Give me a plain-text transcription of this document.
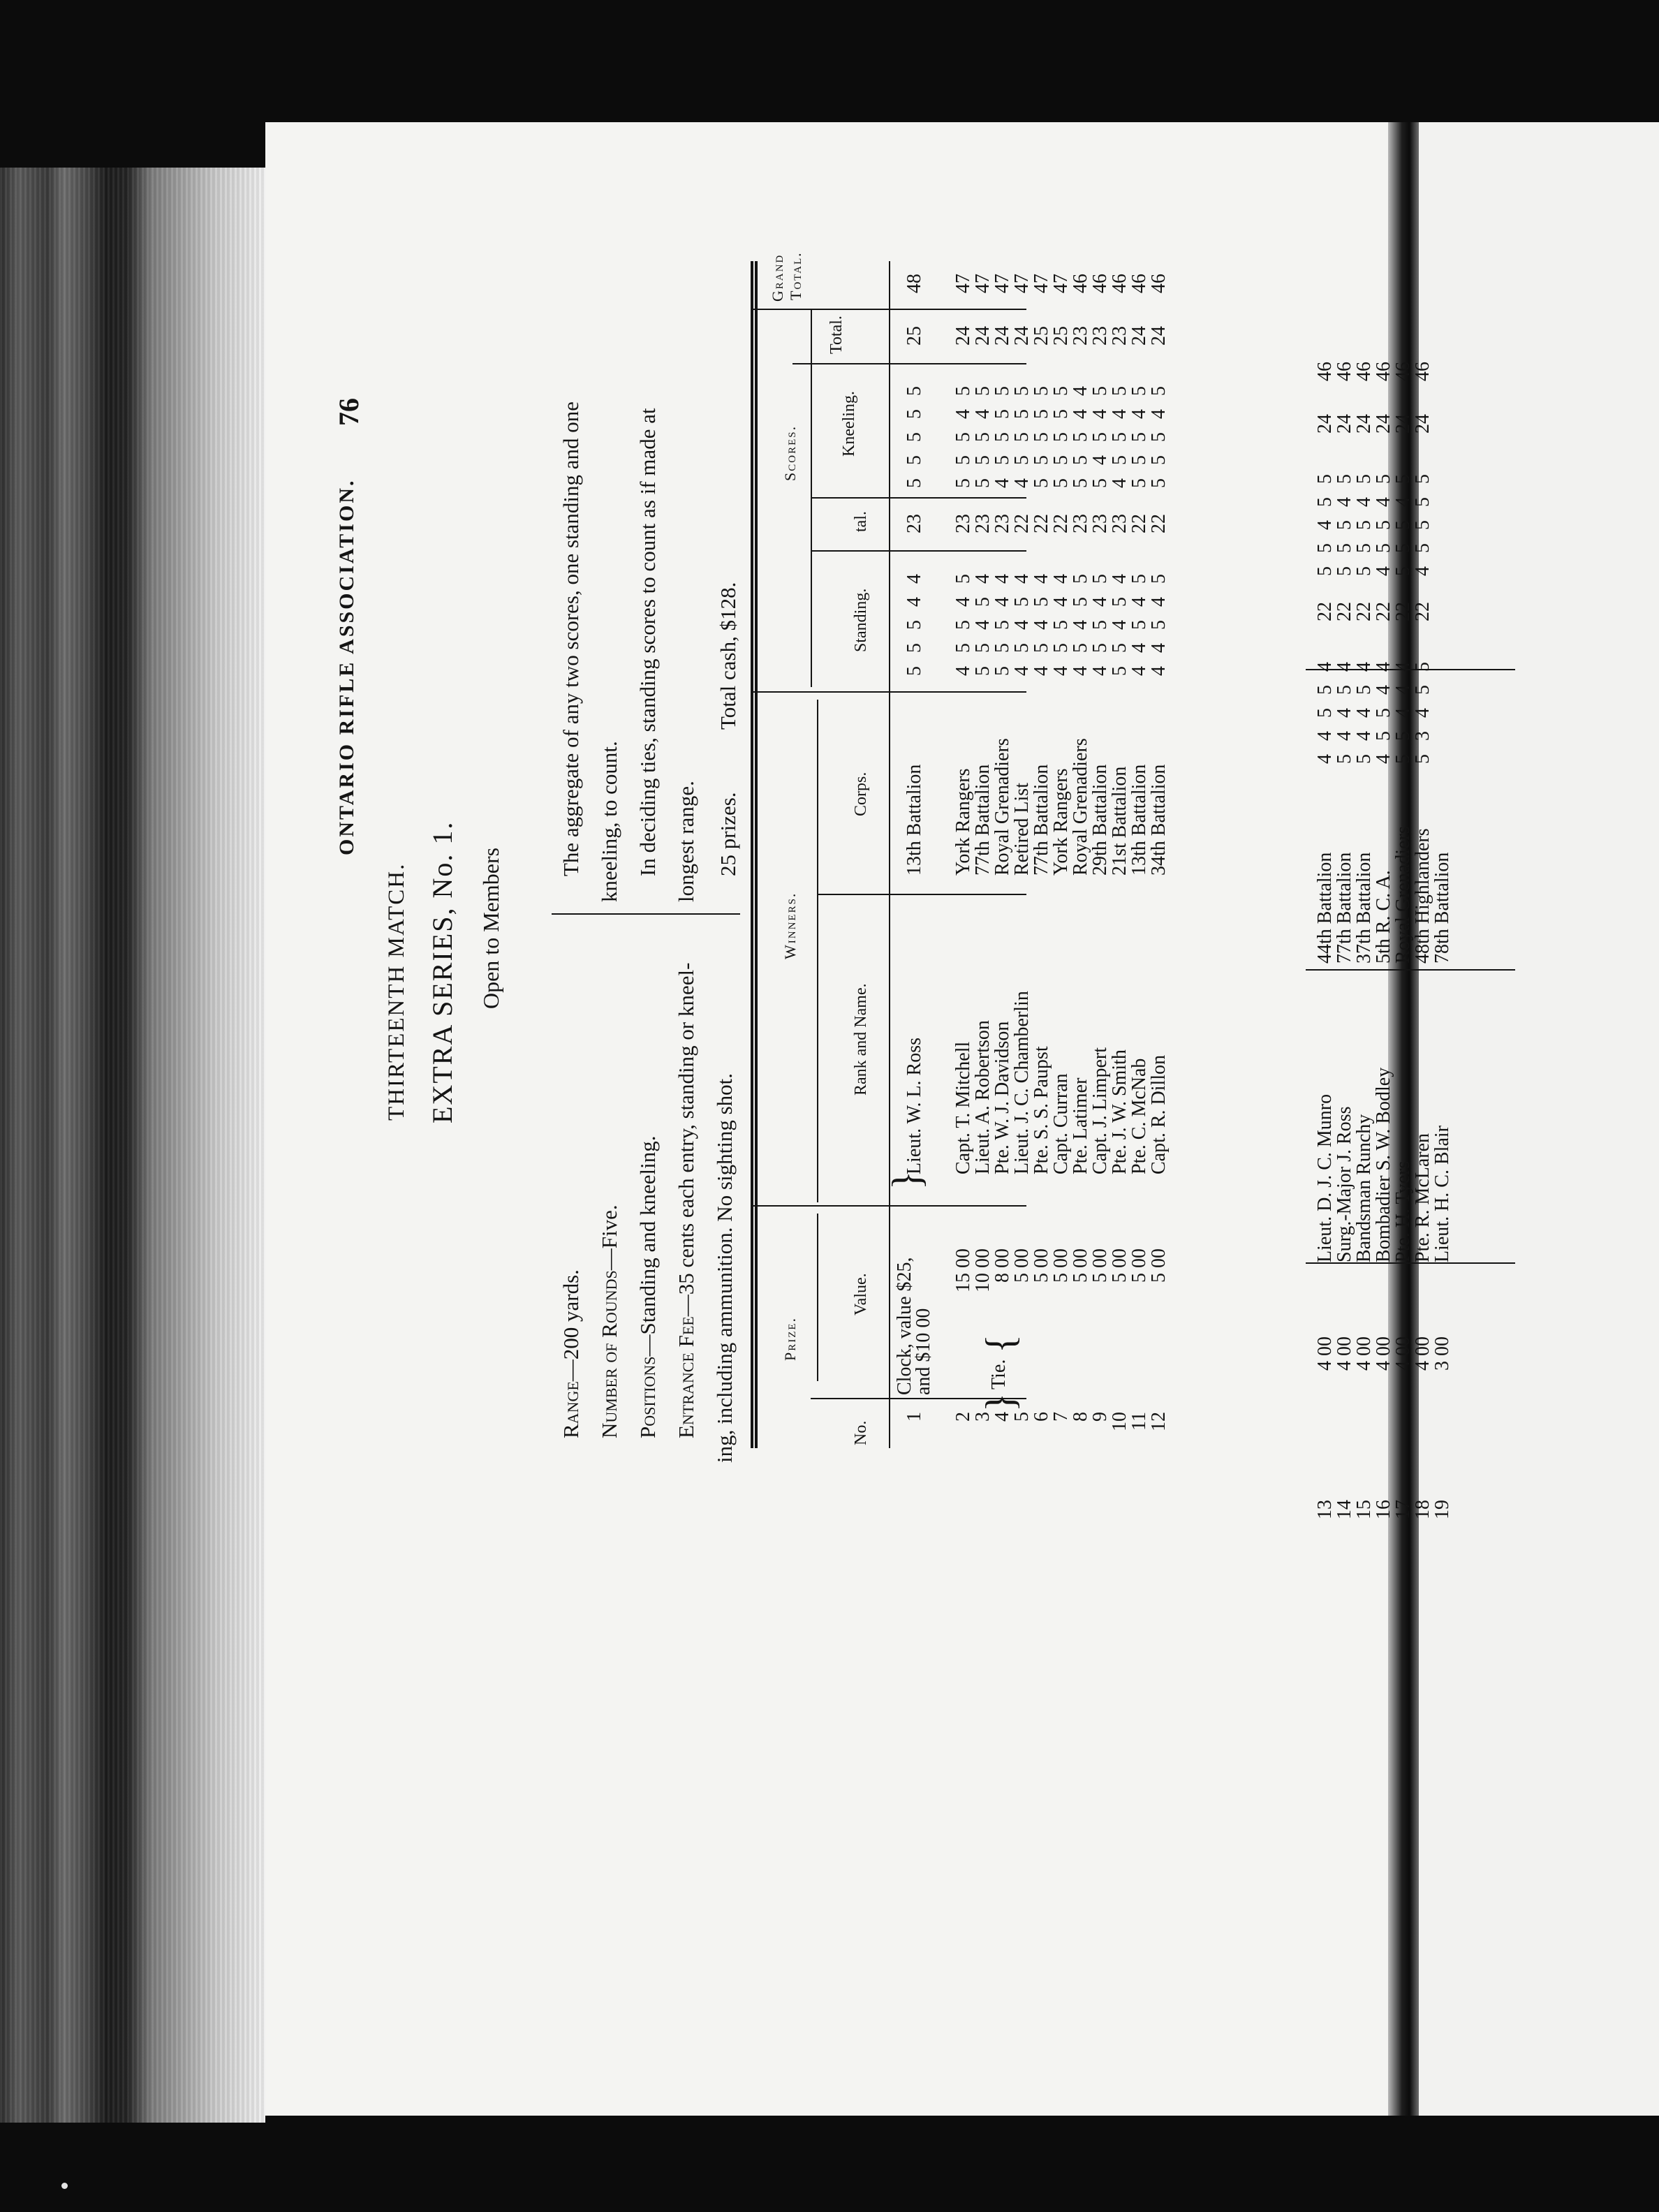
76
ONTARIO RIFLE ASSOCIATION.
THIRTEENTH MATCH. EXTRA SERIES, No. 1. Open to Members
Range—200 yards. Number of Rounds—Five.
Positions—Standing and kneeling.
Entrance Fee—35 cents each entry, standing or kneel- ing, including ammunition. No sighting shot.
The aggregate of any two scores, one standing and one kneeling, to count. In deciding ties, standing scores to count as if made at longest range. 25 prizes.
Total cash, $128.
Prize.
Winners.
Scores.
Grand Total.
No.
Value.
Rank and Name.
Corps.
Standing.
tal.
Kneeling.
Total.
Clock, value $25,
and $10 00	Tie.
}
{
}
1
Lieut. W. L. Ross
13th Battalion
5 5 5 4 4
23
5 5 5 5 5
25
48
2
15 00
Capt. T. Mitchell
York Rangers
4 5 5 4 5
23
5 5 5 4 5
24
47
3
10 00
Lieut. A. Robertson
77th Battalion
5 5 4 5 4
23
5 5 5 4 5
24
47
4
8 00
Pte. W. J. Davidson
Royal Grenadiers
5 5 5 4 4
23
4 5 5 5 5
24
47
5
5 00
Lieut. J. C. Chamberlin
Retired List
4 5 4 5 4
22
4 5 5 5 5
24
47
6
5 00
Pte. S. S. Paupst
77th Battalion
4 5 4 5 4
22
5 5 5 5 5
25
47
7
5 00
Capt. Curran
York Rangers
4 5 5 4 4
22
5 5 5 5 5
25
47
8
5 00
Pte. Latimer
Royal Grenadiers
4 5 4 5 5
23
5 5 5 4 4
23
46
9
5 00
Capt. J. Limpert
29th Battalion
4 5 5 4 5
23
5 4 5 4 5
23
46
10
5 00
Pte. J. W. Smith
21st Battalion
5 5 4 5 4
23
4 5 5 4 5
23
46
11
5 00
Pte. C. McNab
13th Battalion
4 4 5 4 5
22
5 5 5 4 5
24
46
12
5 00
Capt. R. Dillon
34th Battalion
4 4 5 4 5
22
5 5 5 4 5
24
46
13
4 00
Lieut. D. J. C. Munro
44th Battalion
4 4 5 5 4
22
5 5 4 5 5
24
46
14
4 00
Surg.-Major J. Ross
77th Battalion
5 4 4 5 4
22
5 5 5 4 5
24
46
15
4 00
Bandsman Runchy
37th Battalion
5 4 4 5 4
22
5 5 5 4 5
24
46
16
4 00
Bombadier S. W. Bodley
5th R. C. A.
4 5 5 4 4
22
4 5 5 4 5
24
46
17
4 00
Pte. H. Tyers
Royal Grenadiers
5 5 4 4 4
22
5 5 5 4 5
24
46
18
4 00
Pte. R. McLaren
48th Highlanders
5 3 4 5 5
22
4 5 5 5 5
24
46
19
3 00
Lieut. H. C. Blair
78th Battalion
